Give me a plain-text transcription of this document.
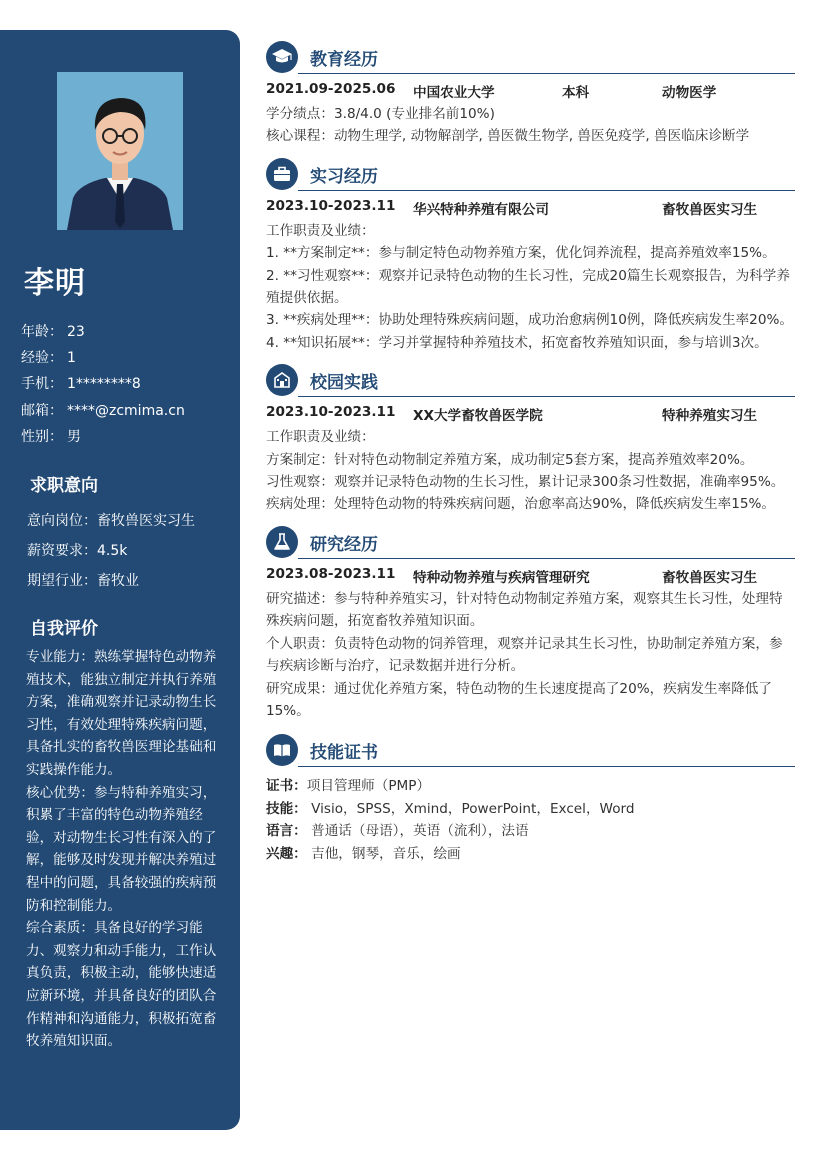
李明
年龄： 23
经验： 1
手机： 1********8
邮箱： ****@zcmima.cn
性别： 男
求职意向
意向岗位：畜牧兽医实习生
薪资要求：4.5k
期望行业：畜牧业
自我评价

专业能力：熟练掌握特色动物养殖技术，能独立制定并执行养殖方案，准确观察并记录动物生长习性，有效处理特殊疾病问题，具备扎实的畜牧兽医理论基础和实践操作能力。

核心优势：参与特种养殖实习，积累了丰富的特色动物养殖经验，对动物生长习性有深入的了解，能够及时发现并解决养殖过程中的问题，具备较强的疾病预防和控制能力。

综合素质：具备良好的学习能力、观察力和动手能力，工作认真负责，积极主动，能够快速适应新环境，并具备良好的团队合作精神和沟通能力，积极拓宽畜牧养殖知识面。

教育经历
2021.09-2025.06 中国农业大学	本科	动物医学

学分绩点：3.8/4.0 (专业排名前10%)

核心课程：动物生理学, 动物解剖学, 兽医微生物学, 兽医免疫学, 兽医临床诊断学

实习经历
2023.10-2023.11 华兴特种养殖有限公司	畜牧兽医实习生

工作职责及业绩：

1. **方案制定**：参与制定特色动物养殖方案，优化饲养流程，提高养殖效率15%。

2. **习性观察**：观察并记录特色动物的生长习性，完成20篇生长观察报告，为科学养殖提供依据。

3. **疾病处理**：协助处理特殊疾病问题，成功治愈病例10例，降低疾病发生率20%。

4. **知识拓展**：学习并掌握特种养殖技术，拓宽畜牧养殖知识面，参与培训3次。

校园实践
2023.10-2023.11 XX大学畜牧兽医学院	特种养殖实习生

工作职责及业绩：

方案制定：针对特色动物制定养殖方案，成功制定5套方案，提高养殖效率20%。

习性观察：观察并记录特色动物的生长习性，累计记录300条习性数据，准确率95%。

疾病处理：处理特色动物的特殊疾病问题，治愈率高达90%，降低疾病发生率15%。

研究经历
2023.08-2023.11 特种动物养殖与疾病管理研究	畜牧兽医实习生

研究描述：参与特种养殖实习，针对特色动物制定养殖方案，观察其生长习性，处理特殊疾病问题，拓宽畜牧养殖知识面。

个人职责：负责特色动物的饲养管理，观察并记录其生长习性，协助制定养殖方案，参与疾病诊断与治疗，记录数据并进行分析。

研究成果：通过优化养殖方案，特色动物的生长速度提高了20%，疾病发生率降低了15%。

技能证书
证书：项目管理师（PMP）
技能： Visio，SPSS，Xmind，PowerPoint，Excel，Word
语言： 普通话（母语），英语（流利），法语
兴趣： 吉他，钢琴，音乐，绘画
